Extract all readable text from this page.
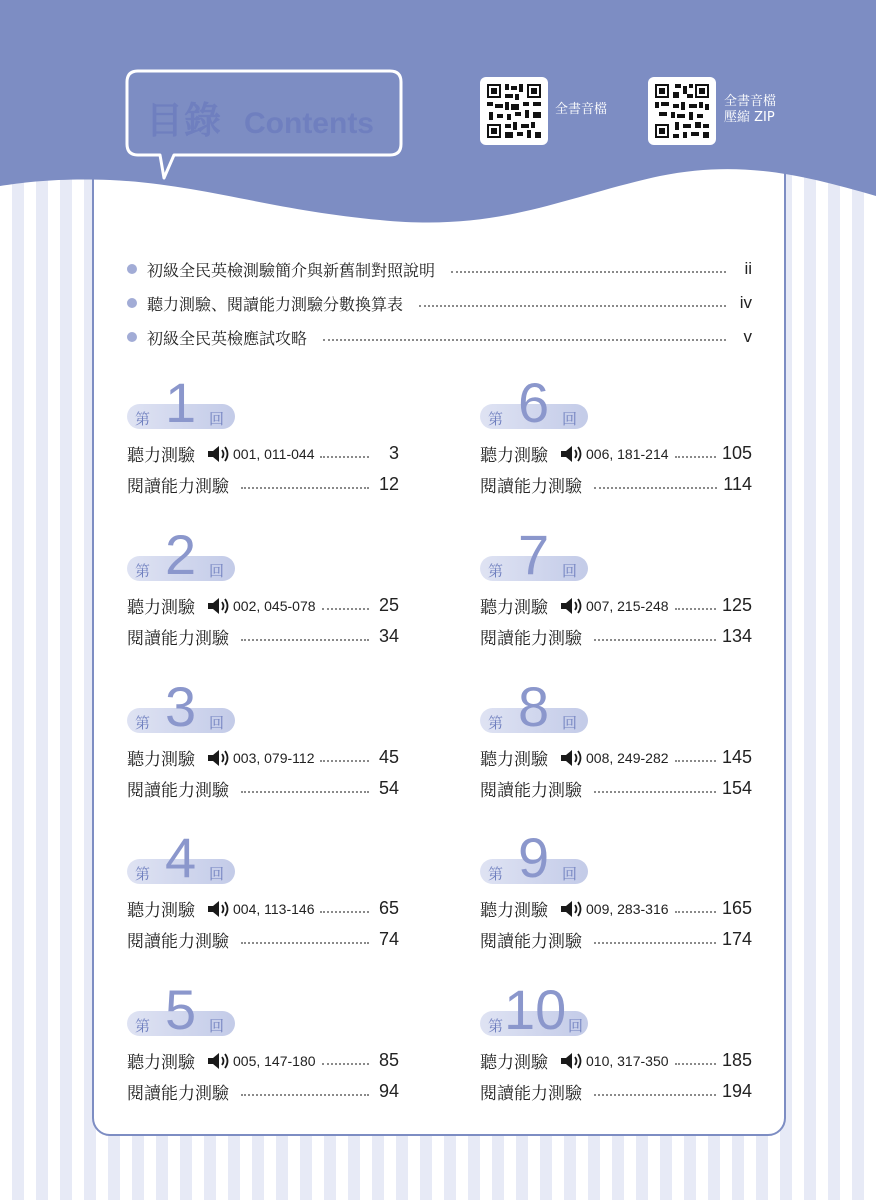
目錄 Contents	全書音檔
全書音檔
壓縮 ZIP
初級全民英檢測驗簡介與新舊制對照說明	ii
聽力測驗、閱讀能力測驗分數換算表	iv
初級全民英檢應試攻略	v
第 1 回
聽力測驗	001, 011-044	3
閱讀能力測驗	12
第 2 回
聽力測驗	002, 045-078	25
閱讀能力測驗	34
第 3 回
聽力測驗	003, 079-112	45
閱讀能力測驗	54
第 4 回
聽力測驗	004, 113-146	65
閱讀能力測驗	74
第 5 回
聽力測驗	005, 147-180	85
閱讀能力測驗	94
第 6 回
聽力測驗	006, 181-214	105
閱讀能力測驗	114
第 7 回
聽力測驗	007, 215-248	125
閱讀能力測驗	134
第 8 回
聽力測驗	008, 249-282	145
閱讀能力測驗	154
第 9 回
聽力測驗	009, 283-316	165
閱讀能力測驗	174
第 10 回
聽力測驗	010, 317-350	185
閱讀能力測驗	194
